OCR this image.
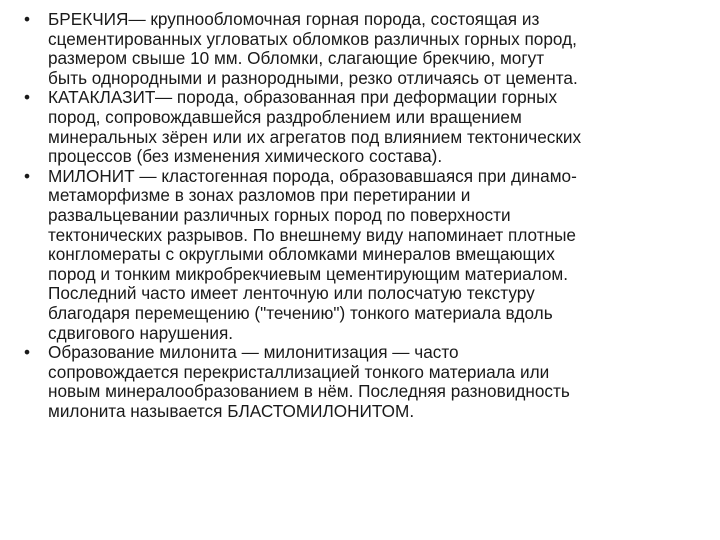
•	БРЕКЧИЯ— крупнообломочная горная порода, состоящая из
сцементированных угловатых обломков различных горных пород,
размером свыше 10 мм. Обломки, слагающие брекчию, могут
быть однородными и разнородными, резко отличаясь от цемента.
•	КАТАКЛАЗИТ— порода, образованная при деформации горных
пород, сопровождавшейся раздроблением или вращением
минеральных зёрен или их агрегатов под влиянием тектонических
процессов (без изменения химического состава).
•	МИЛОНИТ — кластогенная порода, образовавшаяся при динамо-
метаморфизме в зонах разломов при перетирании и
развальцевании различных горных пород по поверхности
тектонических разрывов. По внешнему виду напоминает плотные
конгломераты с округлыми обломками минералов вмещающих
пород и тонким микробрекчиевым цементирующим материалом.
Последний часто имеет ленточную или полосчатую текстуру
благодаря перемещению ("течению") тонкого материала вдоль
сдвигового нарушения.
•	Образование милонита — милонитизация — часто
сопровождается перекристаллизацией тонкого материала или
новым минералообразованием в нём. Последняя разновидность
милонита называется БЛАСТОМИЛОНИТОМ.
